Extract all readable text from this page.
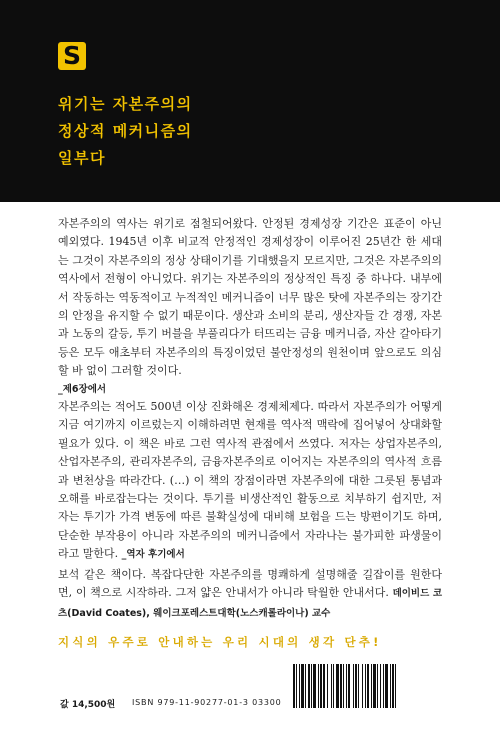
S
위기는 자본주의의
정상적 메커니즘의
일부다

자본주의의 역사는 위기로 점철되어왔다. 안정된 경제성장 기간은 표준이 아닌 예외였다. 1945년 이후 비교적 안정적인 경제성장이 이루어진 25년간 한 세대는 그것이 자본주의의 정상 상태이기를 기대했을지 모르지만, 그것은 자본주의의 역사에서 전형이 아니었다. 위기는 자본주의의 정상적인 특징 중 하나다. 내부에서 작동하는 역동적이고 누적적인 메커니즘이 너무 많은 탓에 자본주의는 장기간의 안정을 유지할 수 없기 때문이다. 생산과 소비의 분리, 생산자들 간 경쟁, 자본과 노동의 갈등, 투기 버블을 부풀리다가 터뜨리는 금융 메커니즘, 자산 갈아타기 등은 모두 애초부터 자본주의의 특징이었던 불안정성의 원천이며 앞으로도 의심할 바 없이 그러할 것이다.

_제6장에서

자본주의는 적어도 500년 이상 진화해온 경제체제다. 따라서 자본주의가 어떻게 지금 여기까지 이르렀는지 이해하려면 현재를 역사적 맥락에 집어넣어 상대화할 필요가 있다. 이 책은 바로 그런 역사적 관점에서 쓰였다. 저자는 상업자본주의, 산업자본주의, 관리자본주의, 금융자본주의로 이어지는 자본주의의 역사적 흐름과 변천상을 따라간다. (…) 이 책의 장점이라면 자본주의에 대한 그릇된 통념과 오해를 바로잡는다는 것이다. 투기를 비생산적인 활동으로 치부하기 쉽지만, 저자는 투기가 가격 변동에 따른 불확실성에 대비해 보험을 드는 방편이기도 하며, 단순한 부작용이 아니라 자본주의의 메커니즘에서 자라나는 불가피한 파생물이라고 말한다. _역자 후기에서

보석 같은 책이다. 복잡다단한 자본주의를 명쾌하게 설명해줄 길잡이를 원한다면, 이 책으로 시작하라. 그저 얇은 안내서가 아니라 탁월한 안내서다. 데이비드 코츠(David Coates), 웨이크포레스트대학(노스캐롤라이나) 교수

지식의 우주로 안내하는 우리 시대의 생각 단추!
값 14,500원 ISBN 979-11-90277-01-3 03300
